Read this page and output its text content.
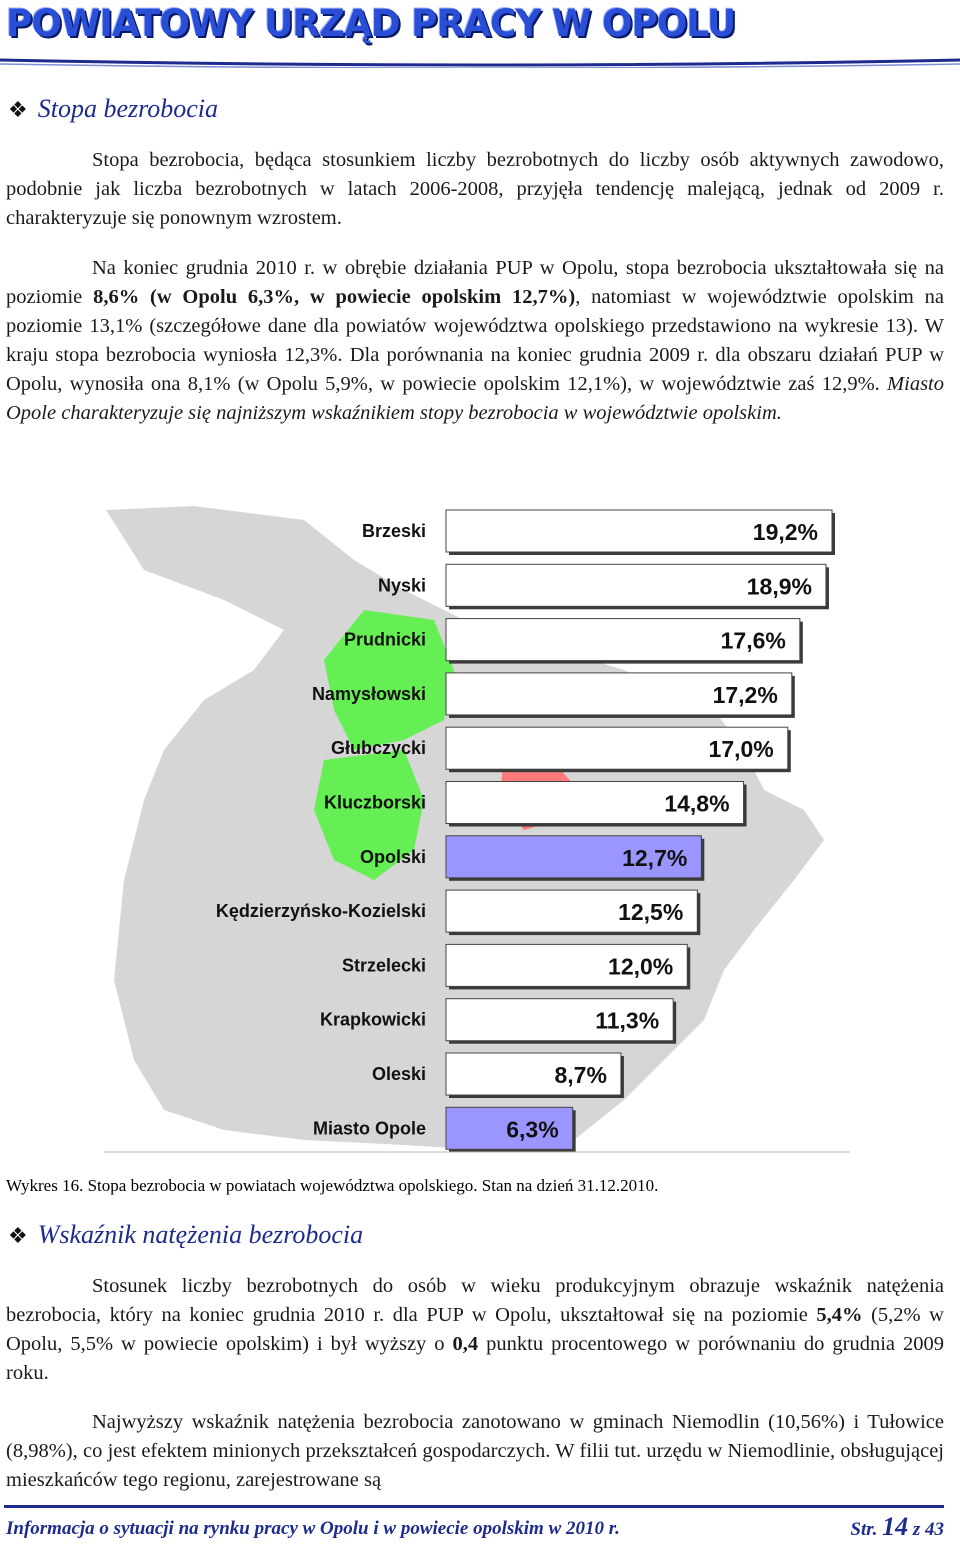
POWIATOWY URZĄD PRACY W OPOLU
❖ Stopa bezrobocia
Stopa bezrobocia, będąca stosunkiem liczby bezrobotnych do liczby osób aktywnych zawodowo, podobnie jak liczba bezrobotnych w latach 2006-2008, przyjęła tendencję malejącą, jednak od 2009 r. charakteryzuje się ponownym wzrostem.
Na koniec grudnia 2010 r. w obrębie działania PUP w Opolu, stopa bezrobocia ukształtowała się na poziomie 8,6% (w Opolu 6,3%, w powiecie opolskim 12,7%), natomiast w województwie opolskim na poziomie 13,1% (szczegółowe dane dla powiatów województwa opolskiego przedstawiono na wykresie 13). W kraju stopa bezrobocia wyniosła 12,3%. Dla porównania na koniec grudnia 2009 r. dla obszaru działań PUP w Opolu, wynosiła ona 8,1% (w Opolu 5,9%, w powiecie opolskim 12,1%), w województwie zaś 12,9%. Miasto Opole charakteryzuje się najniższym wskaźnikiem stopy bezrobocia w województwie opolskim.
Brzeski	19,2%
Nyski	18,9%
Prudnicki	17,6%
Namysłowski	17,2%
Głubczycki	17,0%
Kluczborski	14,8%
Opolski	12,7%
Kędzierzyńsko-Kozielski	12,5%
Strzelecki	12,0%
Krapkowicki	11,3%
Oleski	8,7%
Miasto Opole	6,3%
Wykres 16. Stopa bezrobocia w powiatach województwa opolskiego. Stan na dzień 31.12.2010.
❖ Wskaźnik natężenia bezrobocia
Stosunek liczby bezrobotnych do osób w wieku produkcyjnym obrazuje wskaźnik natężenia bezrobocia, który na koniec grudnia 2010 r. dla PUP w Opolu, ukształtował się na poziomie 5,4% (5,2% w Opolu, 5,5% w powiecie opolskim) i był wyższy o 0,4 punktu procentowego w porównaniu do grudnia 2009 roku.
Najwyższy wskaźnik natężenia bezrobocia zanotowano w gminach Niemodlin (10,56%) i Tułowice (8,98%), co jest efektem minionych przekształceń gospodarczych. W filii tut. urzędu w Niemodlinie, obsługującej mieszkańców tego regionu, zarejestrowane są
Informacja o sytuacji na rynku pracy w Opolu i w powiecie opolskim w 2010 r.	Str. 14 z 43
